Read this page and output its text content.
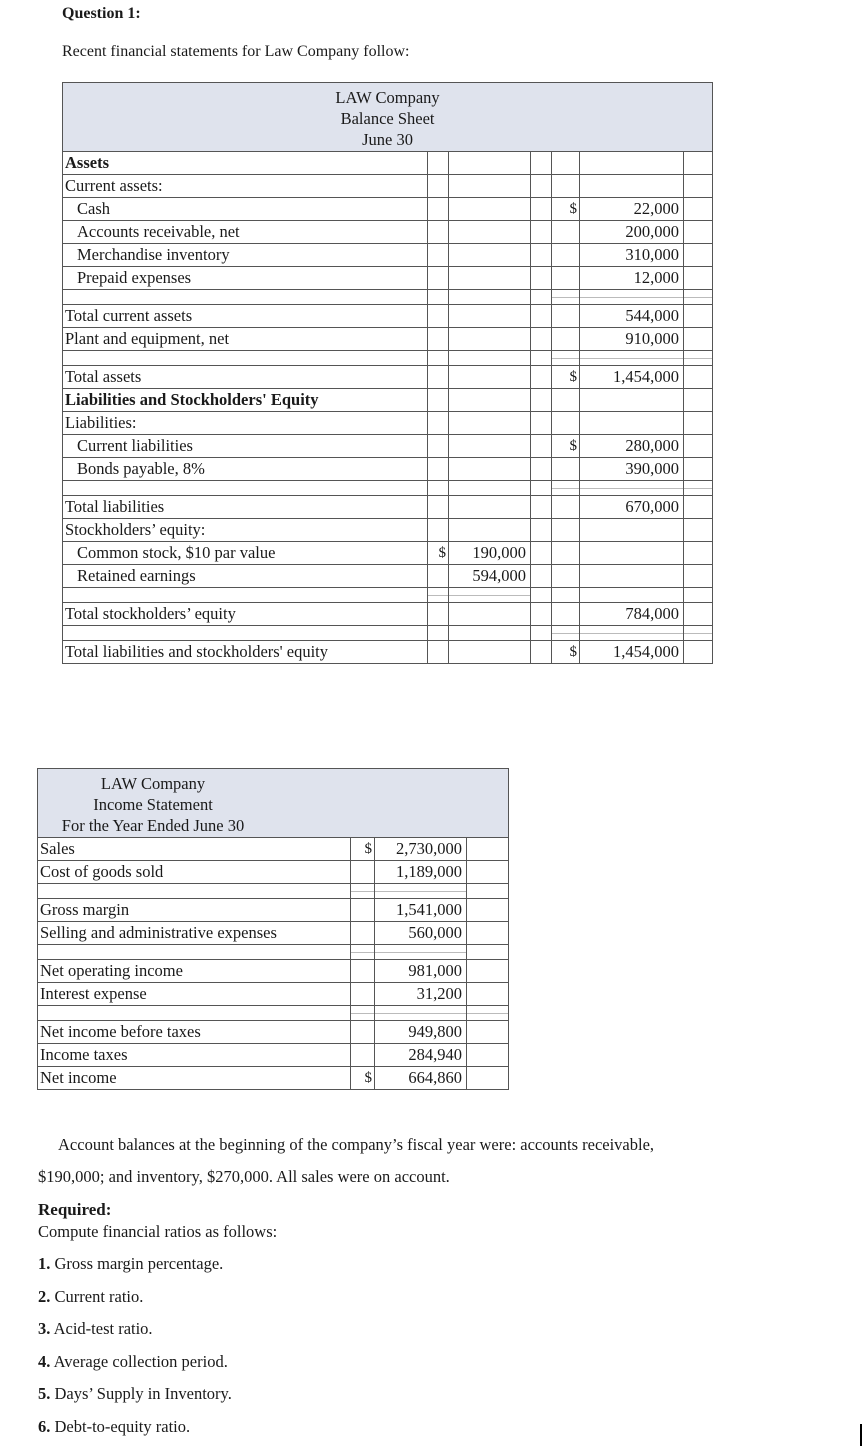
Question 1:
Recent financial statements for Law Company follow:
LAW Company
Balance Sheet
June 30						

Assets						
Current assets:						
Cash				$	22,000	
Accounts receivable, net					200,000	
Merchandise inventory					310,000	
Prepaid expenses					12,000	

Total current assets					544,000	
Plant and equipment, net					910,000	

Total assets				$	1,454,000	
Liabilities and Stockholders' Equity						
Liabilities:						
Current liabilities				$	280,000	
Bonds payable, 8%					390,000	

Total liabilities					670,000	
Stockholders’ equity:						
Common stock, $10 par value	$	190,000				
Retained earnings		594,000				

Total stockholders’ equity					784,000	

Total liabilities and stockholders' equity				$	1,454,000	
LAW Company
Income Statement
For the Year Ended June 30			

Sales	$	2,730,000	
Cost of goods sold		1,189,000	

Gross margin		1,541,000	
Selling and administrative expenses		560,000	

Net operating income		981,000	
Interest expense		31,200	

Net income before taxes		949,800	
Income taxes		284,940	
Net income	$	664,860	
Account balances at the beginning of the company’s fiscal year were: accounts receivable,
$190,000; and inventory, $270,000. All sales were on account.
Required:
Compute financial ratios as follows:
1. Gross margin percentage.
2. Current ratio.
3. Acid-test ratio.
4. Average collection period.
5. Days’ Supply in Inventory.
6. Debt-to-equity ratio.
